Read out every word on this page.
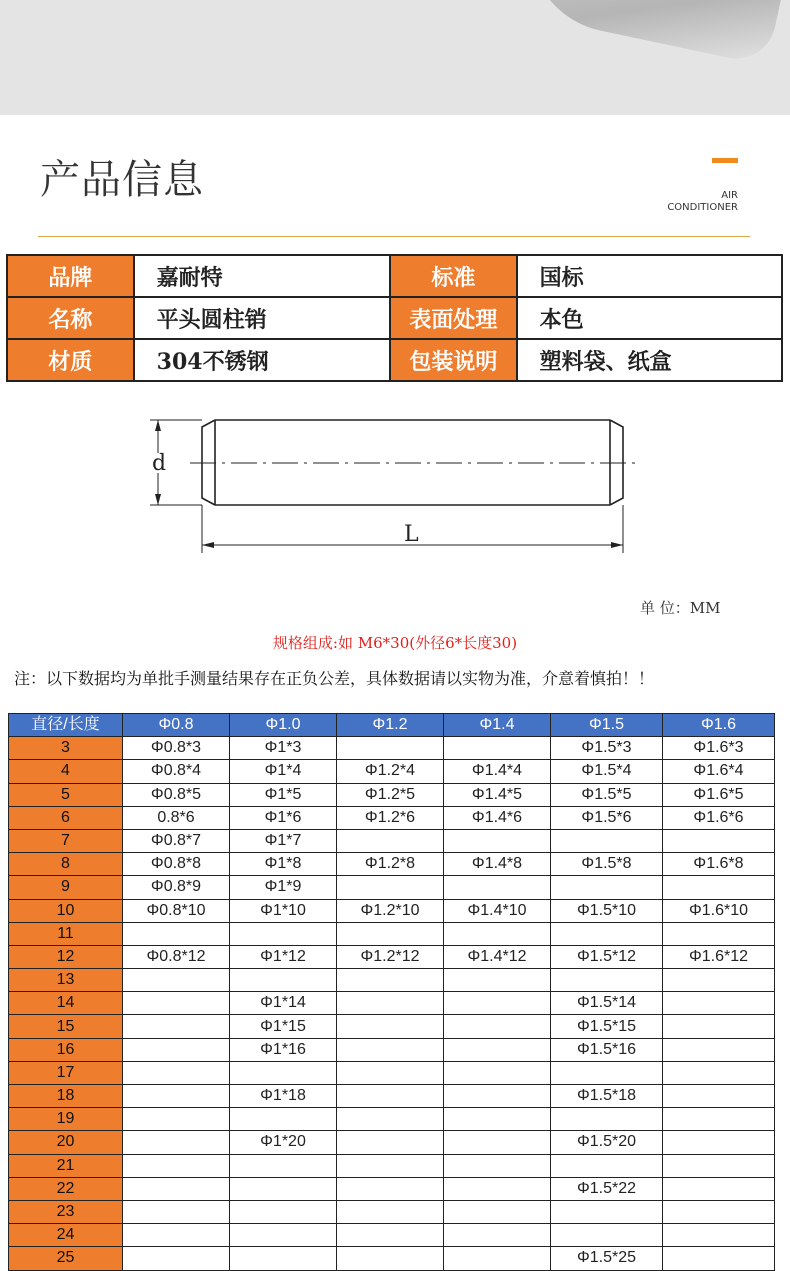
产品信息	AIR
CONDITIONER
品牌	嘉耐特	标准	国标
名称	平头圆柱销	表面处理	本色
材质	304不锈钢	包装说明	塑料袋、纸盒
d
L
单 位：MM
规格组成:如 M6*30(外径6*长度30)
注：以下数据均为单批手测量结果存在正负公差，具体数据请以实物为准，介意着慎拍！！
直径/长度	Φ0.8	Φ1.0	Φ1.2	Φ1.4	Φ1.5	Φ1.6
3	Φ0.8*3	Φ1*3			Φ1.5*3	Φ1.6*3
4	Φ0.8*4	Φ1*4	Φ1.2*4	Φ1.4*4	Φ1.5*4	Φ1.6*4
5	Φ0.8*5	Φ1*5	Φ1.2*5	Φ1.4*5	Φ1.5*5	Φ1.6*5
6	0.8*6	Φ1*6	Φ1.2*6	Φ1.4*6	Φ1.5*6	Φ1.6*6
7	Φ0.8*7	Φ1*7				
8	Φ0.8*8	Φ1*8	Φ1.2*8	Φ1.4*8	Φ1.5*8	Φ1.6*8
9	Φ0.8*9	Φ1*9				
10	Φ0.8*10	Φ1*10	Φ1.2*10	Φ1.4*10	Φ1.5*10	Φ1.6*10
11						
12	Φ0.8*12	Φ1*12	Φ1.2*12	Φ1.4*12	Φ1.5*12	Φ1.6*12
13						
14		Φ1*14			Φ1.5*14	
15		Φ1*15			Φ1.5*15	
16		Φ1*16			Φ1.5*16	
17						
18		Φ1*18			Φ1.5*18	
19						
20		Φ1*20			Φ1.5*20	
21						
22					Φ1.5*22	
23						
24						
25					Φ1.5*25	
